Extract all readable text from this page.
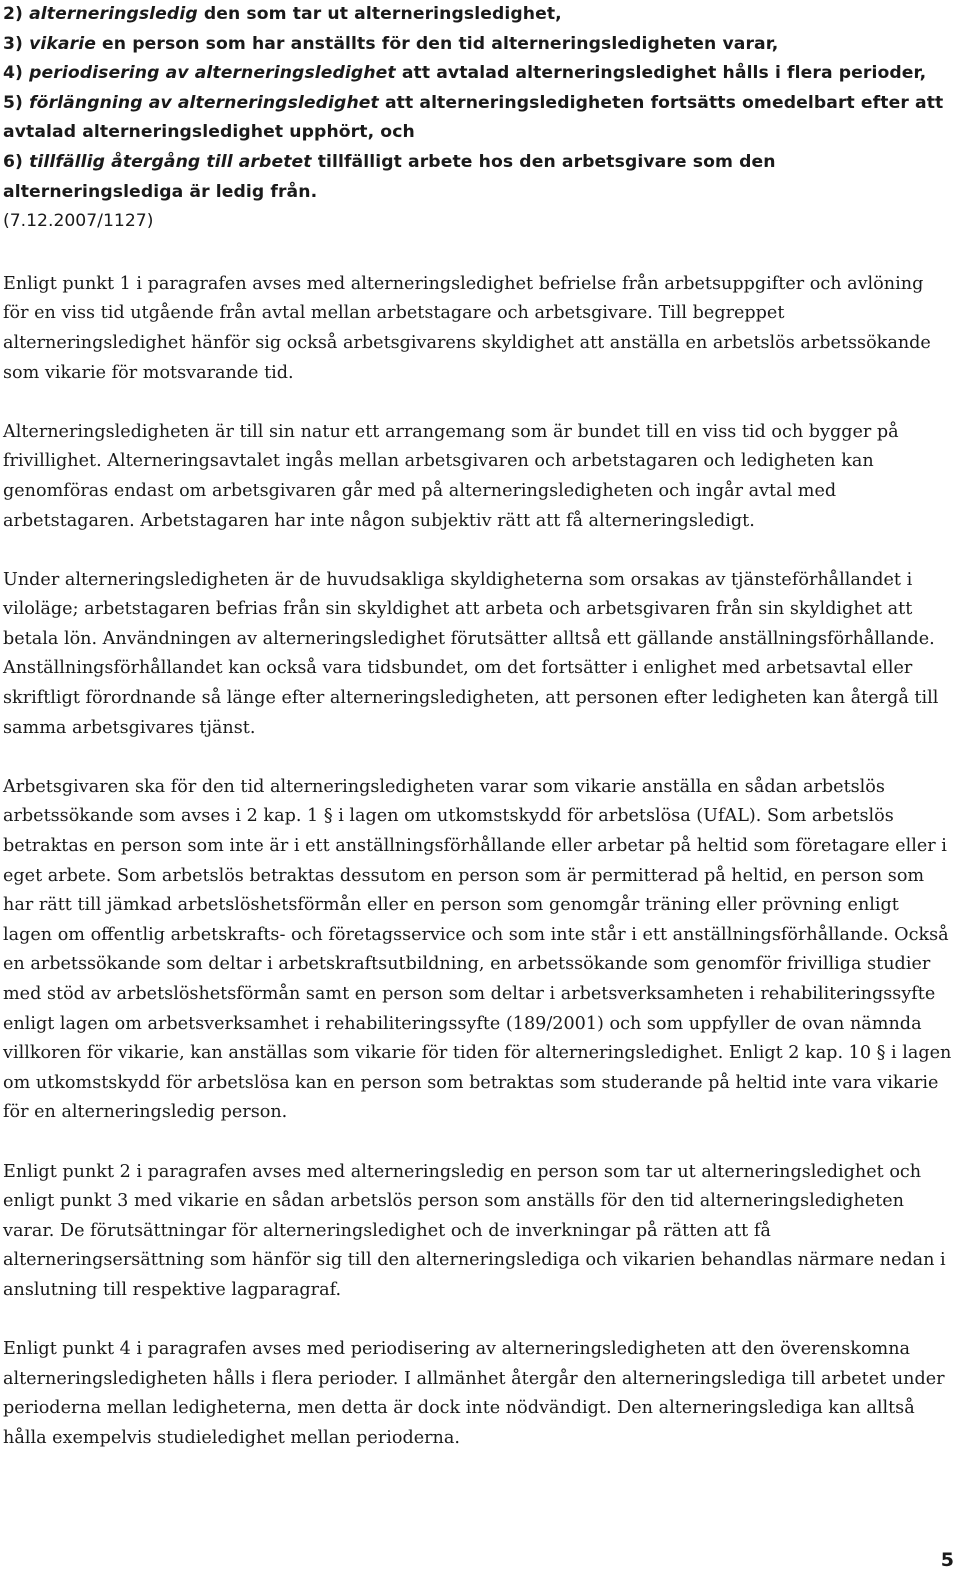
2) alterneringsledig den som tar ut alterneringsledighet,

3) vikarie en person som har anställts för den tid alterneringsledigheten varar,

4) periodisering av alterneringsledighet att avtalad alterneringsledighet hålls i flera perioder,

5) förlängning av alterneringsledighet att alterneringsledigheten fortsätts omedelbart efter att avtalad alterneringsledighet upphört, och

6) tillfällig återgång till arbetet tillfälligt arbete hos den arbetsgivare som den alterneringslediga är ledig från.

(7.12.2007/1127)

Enligt punkt 1 i paragrafen avses med alterneringsledighet befrielse från arbetsuppgifter och avlöning för en viss tid utgående från avtal mellan arbetstagare och arbetsgivare. Till begreppet alterneringsledighet hänför sig också arbetsgivarens skyldighet att anställa en arbetslös arbetssökande som vikarie för motsvarande tid.

Alterneringsledigheten är till sin natur ett arrangemang som är bundet till en viss tid och bygger på frivillighet. Alterneringsavtalet ingås mellan arbetsgivaren och arbetstagaren och ledigheten kan genomföras endast om arbetsgivaren går med på alterneringsledigheten och ingår avtal med arbetstagaren. Arbetstagaren har inte någon subjektiv rätt att få alterneringsledigt.

Under alterneringsledigheten är de huvudsakliga skyldigheterna som orsakas av tjänsteförhållandet i viloläge; arbetstagaren befrias från sin skyldighet att arbeta och arbetsgivaren från sin skyldighet att betala lön. Användningen av alterneringsledighet förutsätter alltså ett gällande anställningsförhållande. Anställningsförhållandet kan också vara tidsbundet, om det fortsätter i enlighet med arbetsavtal eller skriftligt förordnande så länge efter alterneringsledigheten, att personen efter ledigheten kan återgå till samma arbetsgivares tjänst.

Arbetsgivaren ska för den tid alterneringsledigheten varar som vikarie anställa en sådan arbetslös arbetssökande som avses i 2 kap. 1 § i lagen om utkomstskydd för arbetslösa (UfAL). Som arbetslös betraktas en person som inte är i ett anställningsförhållande eller arbetar på heltid som företagare eller i eget arbete. Som arbetslös betraktas dessutom en person som är permitterad på heltid, en person som har rätt till jämkad arbetslöshetsförmån eller en person som genomgår träning eller prövning enligt lagen om offentlig arbetskrafts- och företagsservice och som inte står i ett anställningsförhållande. Också en arbetssökande som deltar i arbetskraftsutbildning, en arbetssökande som genomför frivilliga studier med stöd av arbetslöshetsförmån samt en person som deltar i arbetsverksamheten i rehabiliteringssyfte enligt lagen om arbetsverksamhet i rehabiliteringssyfte (189/2001) och som uppfyller de ovan nämnda villkoren för vikarie, kan anställas som vikarie för tiden för alterneringsledighet. Enligt 2 kap. 10 § i lagen om utkomstskydd för arbetslösa kan en person som betraktas som studerande på heltid inte vara vikarie för en alterneringsledig person.

Enligt punkt 2 i paragrafen avses med alterneringsledig en person som tar ut alterneringsledighet och enligt punkt 3 med vikarie en sådan arbetslös person som anställs för den tid alterneringsledigheten varar. De förutsättningar för alterneringsledighet och de inverkningar på rätten att få alterneringsersättning som hänför sig till den alterneringslediga och vikarien behandlas närmare nedan i anslutning till respektive lagparagraf.

Enligt punkt 4 i paragrafen avses med periodisering av alterneringsledigheten att den överenskomna alterneringsledigheten hålls i flera perioder. I allmänhet återgår den alterneringslediga till arbetet under perioderna mellan ledigheterna, men detta är dock inte nödvändigt. Den alterneringslediga kan alltså hålla exempelvis studieledighet mellan perioderna.

5
